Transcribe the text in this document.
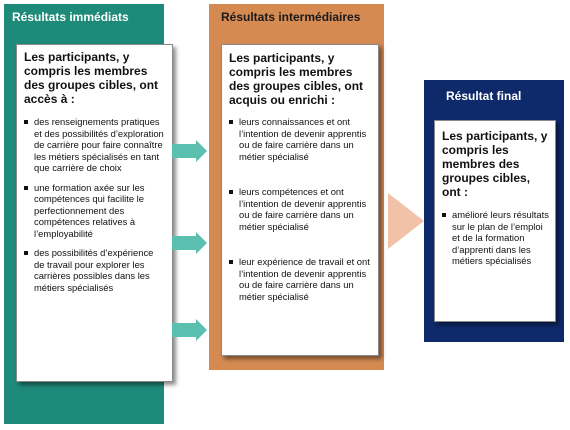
Résultats immédiats

Les participants, y compris les membres des groupes cibles, ont accès à :

des renseignements pratiques et des possibilités d’exploration de carrière pour faire connaître les métiers spécialisés en tant que carrière de choix
une formation axée sur les compétences qui facilite le perfectionnement des compétences relatives à l’employabilité
des possibilités d’expérience de travail pour explorer les carrières possibles dans les métiers spécialisés
Résultats intermédiaires

Les participants, y compris les membres des groupes cibles, ont acquis ou enrichi :

leurs connaissances et ont l’intention de devenir apprentis ou de faire carrière dans un métier spécialisé
leurs compétences et ont l’intention de devenir apprentis ou de faire carrière dans un métier spécialisé
leur expérience de travail et ont l’intention de devenir apprentis ou de faire carrière dans un métier spécialisé
Résultat final

Les participants, y compris les membres des groupes cibles, ont :

amélioré leurs résultats sur le plan de l’emploi et de la formation d’apprenti dans les métiers spécialisés
